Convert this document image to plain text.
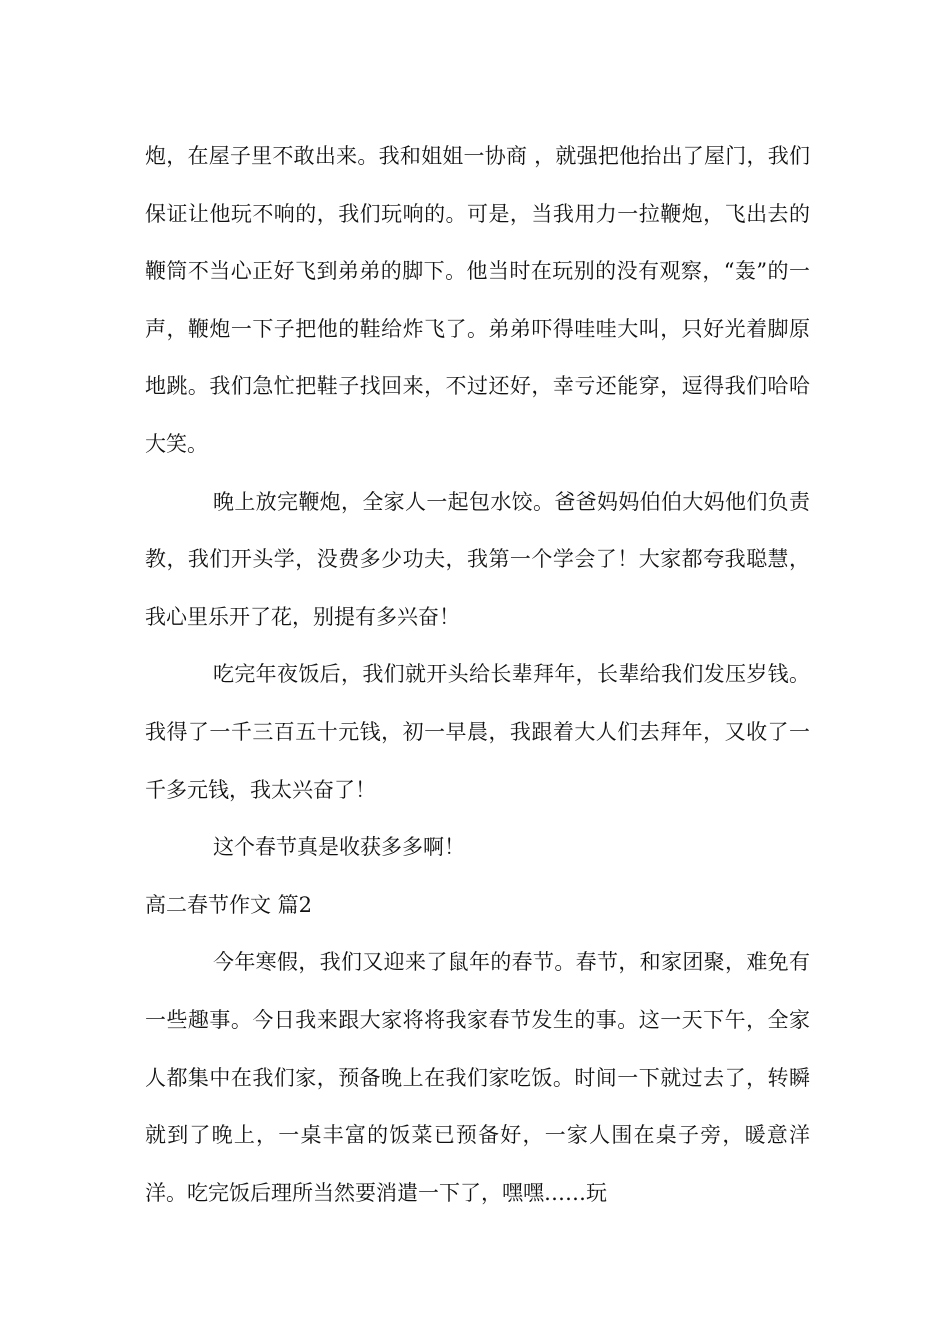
炮，在屋子里不敢出来。我和姐姐一协商 ，就强把他抬出了屋门，我们保证让他玩不响的，我们玩响的。可是，当我用力一拉鞭炮，飞出去的鞭筒不当心正好飞到弟弟的脚下。他当时在玩别的没有观察，“轰”的一声，鞭炮一下子把他的鞋给炸飞了。弟弟吓得哇哇大叫，只好光着脚原地跳。我们急忙把鞋子找回来，不过还好，幸亏还能穿，逗得我们哈哈大笑。

晚上放完鞭炮，全家人一起包水饺。爸爸妈妈伯伯大妈他们负责教，我们开头学，没费多少功夫，我第一个学会了！大家都夸我聪慧，我心里乐开了花，别提有多兴奋！

吃完年夜饭后，我们就开头给长辈拜年，长辈给我们发压岁钱。我得了一千三百五十元钱，初一早晨，我跟着大人们去拜年，又收了一千多元钱，我太兴奋了！

这个春节真是收获多多啊！

高二春节作文 篇2

今年寒假，我们又迎来了鼠年的春节。春节，和家团聚，难免有一些趣事。今日我来跟大家将将我家春节发生的事。这一天下午，全家人都集中在我们家，预备晚上在我们家吃饭。时间一下就过去了，转瞬就到了晚上，一桌丰富的饭菜已预备好，一家人围在桌子旁，暖意洋洋。吃完饭后理所当然要消遣一下了，嘿嘿……玩
